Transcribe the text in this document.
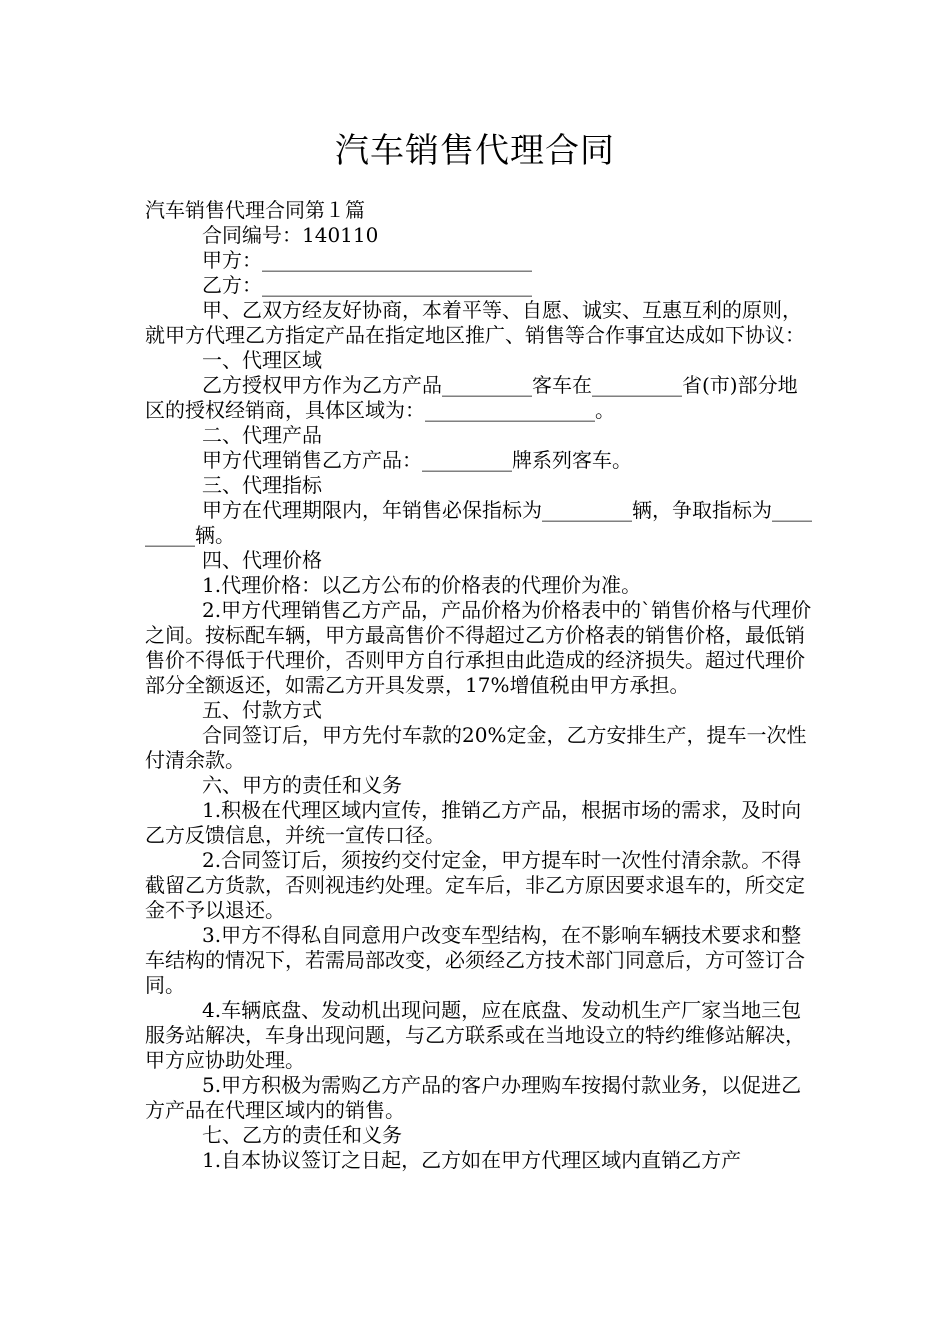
汽车销售代理合同

汽车销售代理合同第１篇

合同编号：140110

甲方：___________________________

乙方：___________________________

甲、乙双方经友好协商，本着平等、自愿、诚实、互惠互利的原则，就甲方代理乙方指定产品在指定地区推广、销售等合作事宜达成如下协议：

一、代理区域

乙方授权甲方作为乙方产品_________客车在_________省(市)部分地区的授权经销商，具体区域为：_________________。

二、代理产品

甲方代理销售乙方产品：_________牌系列客车。

三、代理指标

甲方在代理期限内，年销售必保指标为_________辆，争取指标为_________辆。

四、代理价格

1.代理价格：以乙方公布的价格表的代理价为准。

2.甲方代理销售乙方产品，产品价格为价格表中的`销售价格与代理价之间。按标配车辆，甲方最高售价不得超过乙方价格表的销售价格，最低销售价不得低于代理价，否则甲方自行承担由此造成的经济损失。超过代理价部分全额返还，如需乙方开具发票，17%增值税由甲方承担。

五、付款方式

合同签订后，甲方先付车款的20%定金，乙方安排生产，提车一次性付清余款。

六、甲方的责任和义务

1.积极在代理区域内宣传，推销乙方产品，根据市场的需求，及时向乙方反馈信息，并统一宣传口径。

2.合同签订后，须按约交付定金，甲方提车时一次性付清余款。不得截留乙方货款，否则视违约处理。定车后，非乙方原因要求退车的，所交定金不予以退还。

3.甲方不得私自同意用户改变车型结构，在不影响车辆技术要求和整车结构的情况下，若需局部改变，必须经乙方技术部门同意后，方可签订合同。

4.车辆底盘、发动机出现问题，应在底盘、发动机生产厂家当地三包服务站解决，车身出现问题，与乙方联系或在当地设立的特约维修站解决，甲方应协助处理。

5.甲方积极为需购乙方产品的客户办理购车按揭付款业务，以促进乙方产品在代理区域内的销售。

七、乙方的责任和义务

1.自本协议签订之日起，乙方如在甲方代理区域内直销乙方产
